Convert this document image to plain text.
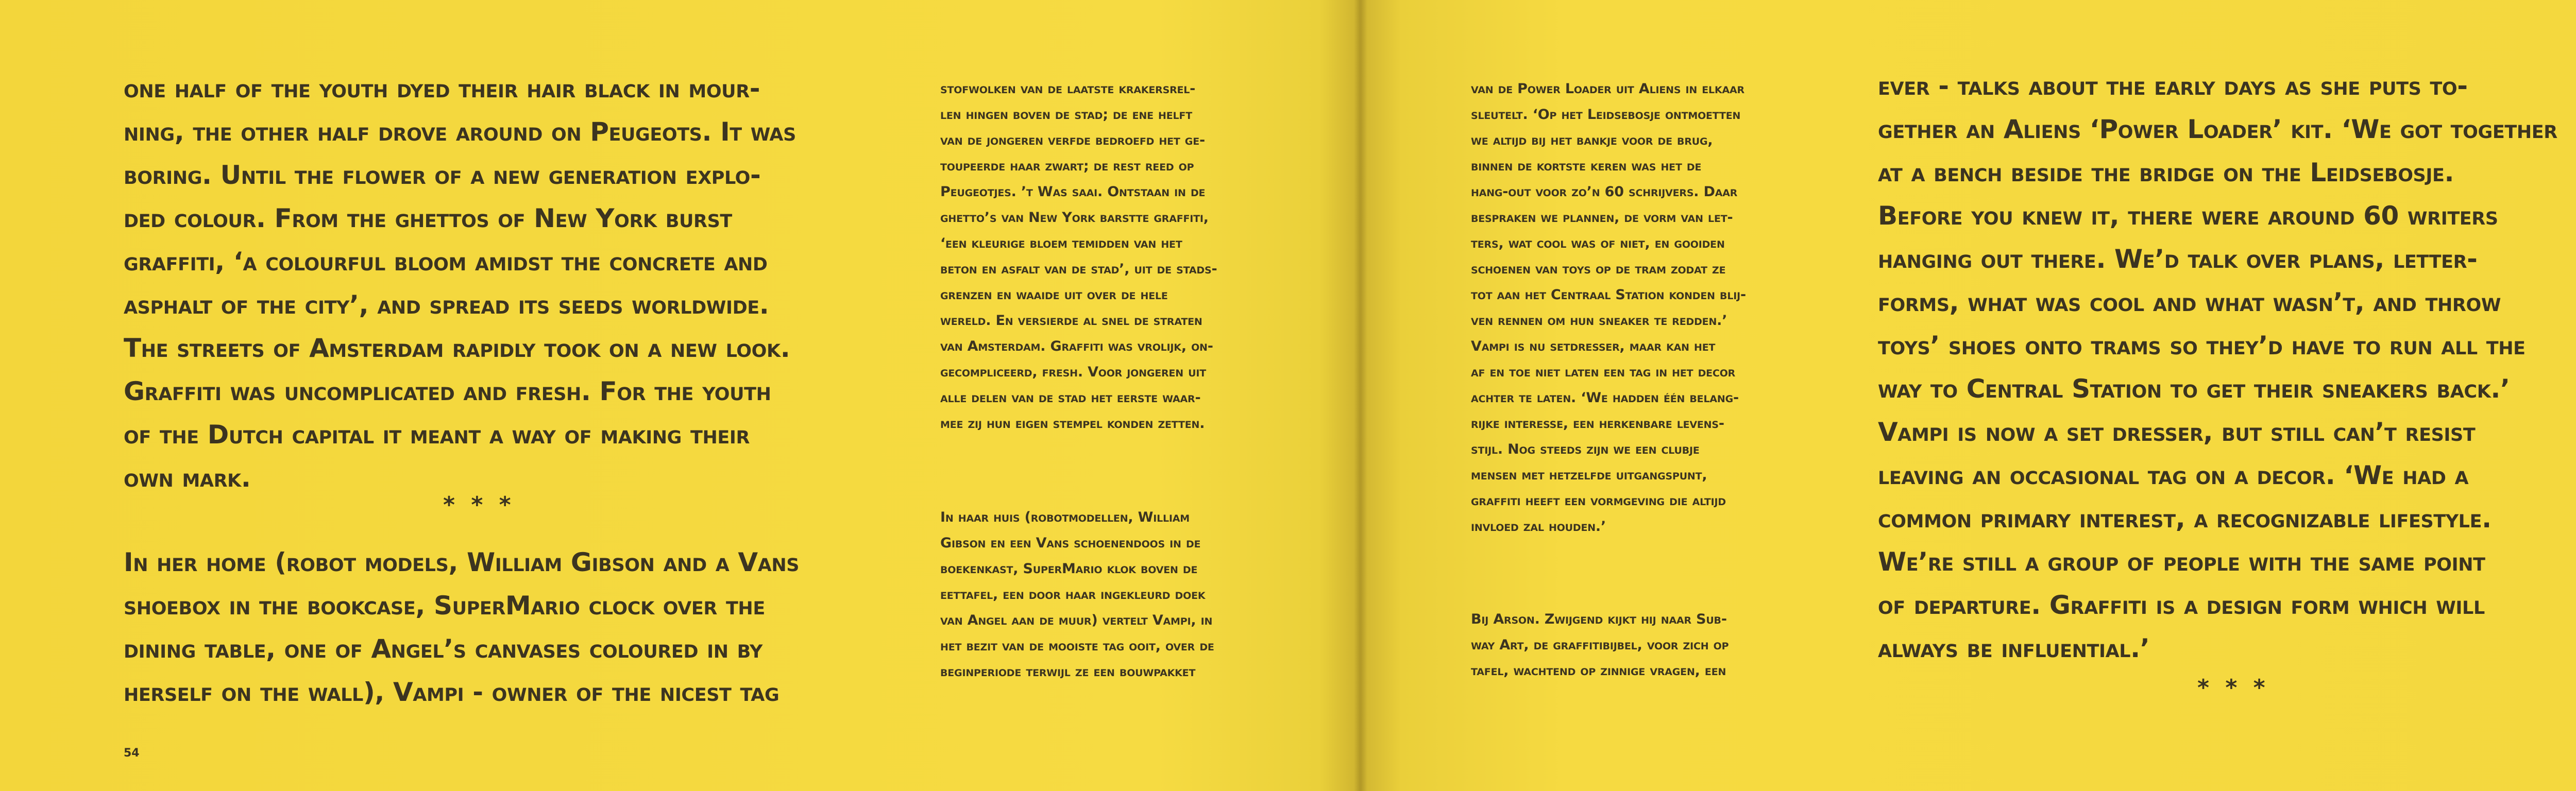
one half of the youth dyed their hair black in mour-

ning, the other half drove around on Peugeots. It was

boring. Until the flower of a new generation explo-

ded colour. From the ghettos of New York burst

graffiti, ‘a colourful bloom amidst the concrete and

asphalt of the city’, and spread its seeds worldwide.

The streets of Amsterdam rapidly took on a new look.

Graffiti was uncomplicated and fresh. For the youth

of the Dutch capital it meant a way of making their

own mark.

* * *

In her home (robot models, William Gibson and a Vans

shoebox in the bookcase, SuperMario clock over the

dining table, one of Angel’s canvases coloured in by

herself on the wall), Vampi - owner of the nicest tag

stofwolken van de laatste krakersrel-

len hingen boven de stad; de ene helft

van de jongeren verfde bedroefd het ge-

toupeerde haar zwart; de rest reed op

Peugeotjes. ’t Was saai. Ontstaan in de

ghetto’s van New York barstte graffiti,

‘een kleurige bloem temidden van het

beton en asfalt van de stad’, uit de stads-

grenzen en waaide uit over de hele

wereld. En versierde al snel de straten

van Amsterdam. Graffiti was vrolijk, on-

gecompliceerd, fresh. Voor jongeren uit

alle delen van de stad het eerste waar-

mee zij hun eigen stempel konden zetten.

In haar huis (robotmodellen, William

Gibson en een Vans schoenendoos in de

boekenkast, SuperMario klok boven de

eettafel, een door haar ingekleurd doek

van Angel aan de muur) vertelt Vampi, in

het bezit van de mooiste tag ooit, over de

beginperiode terwijl ze een bouwpakket

54

van de Power Loader uit Aliens in elkaar

sleutelt. ‘Op het Leidsebosje ontmoetten

we altijd bij het bankje voor de brug,

binnen de kortste keren was het de

hang-out voor zo’n 60 schrijvers. Daar

bespraken we plannen, de vorm van let-

ters, wat cool was of niet, en gooiden

schoenen van toys op de tram zodat ze

tot aan het Centraal Station konden blij-

ven rennen om hun sneaker te redden.’

Vampi is nu setdresser, maar kan het

af en toe niet laten een tag in het decor

achter te laten. ‘We hadden één belang-

rijke interesse, een herkenbare levens-

stijl. Nog steeds zijn we een clubje

mensen met hetzelfde uitgangspunt,

graffiti heeft een vormgeving die altijd

invloed zal houden.’

Bij Arson. Zwijgend kijkt hij naar Sub-

way Art, de graffitibijbel, voor zich op

tafel, wachtend op zinnige vragen, een

ever - talks about the early days as she puts to-

gether an Aliens ‘Power Loader’ kit. ‘We got together

at a bench beside the bridge on the Leidsebosje.

Before you knew it, there were around 60 writers

hanging out there. We’d talk over plans, letter-

forms, what was cool and what wasn’t, and throw

toys’ shoes onto trams so they’d have to run all the

way to Central Station to get their sneakers back.’

Vampi is now a set dresser, but still can’t resist

leaving an occasional tag on a decor. ‘We had a

common primary interest, a recognizable lifestyle.

We’re still a group of people with the same point

of departure. Graffiti is a design form which will

always be influential.’

* * *
